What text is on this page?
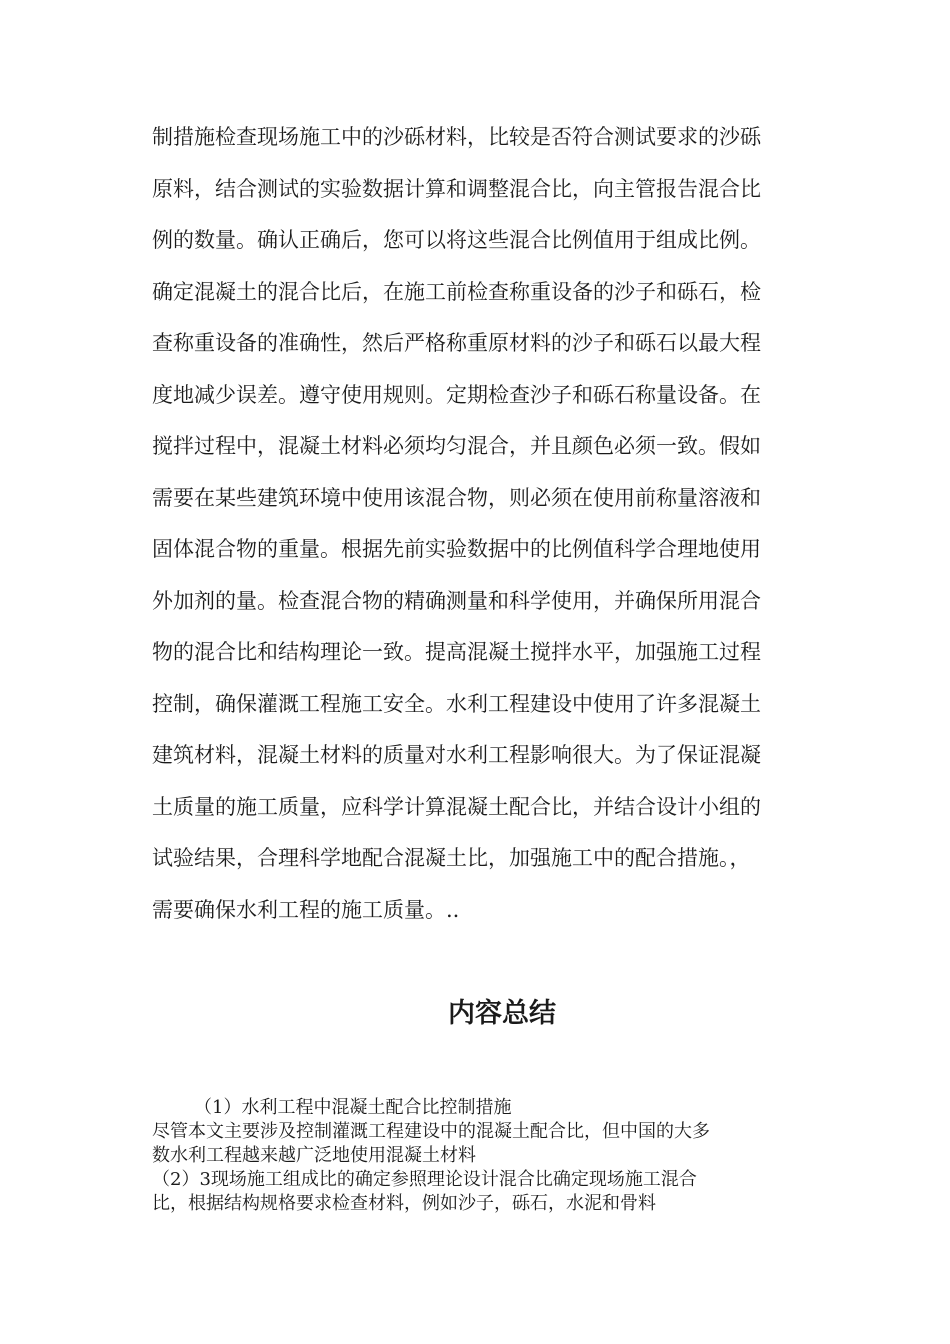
制措施检查现场施工中的沙砾材料，比较是否符合测试要求的沙砾
原料，结合测试的实验数据计算和调整混合比，向主管报告混合比
例的数量。确认正确后，您可以将这些混合比例值用于组成比例。
确定混凝土的混合比后，在施工前检查称重设备的沙子和砾石，检
查称重设备的准确性，然后严格称重原材料的沙子和砾石以最大程
度地减少误差。遵守使用规则。定期检查沙子和砾石称量设备。在
搅拌过程中，混凝土材料必须均匀混合，并且颜色必须一致。假如
需要在某些建筑环境中使用该混合物，则必须在使用前称量溶液和
固体混合物的重量。根据先前实验数据中的比例值科学合理地使用
外加剂的量。检查混合物的精确测量和科学使用，并确保所用混合
物的混合比和结构理论一致。提高混凝土搅拌水平，加强施工过程
控制，确保灌溉工程施工安全。水利工程建设中使用了许多混凝土
建筑材料，混凝土材料的质量对水利工程影响很大。为了保证混凝
土质量的施工质量，应科学计算混凝土配合比，并结合设计小组的
试验结果，合理科学地配合混凝土比，加强施工中的配合措施。，
需要确保水利工程的施工质量。..
内容总结
（1）水利工程中混凝土配合比控制措施
尽管本文主要涉及控制灌溉工程建设中的混凝土配合比，但中国的大多
数水利工程越来越广泛地使用混凝土材料
（2）3现场施工组成比的确定参照理论设计混合比确定现场施工混合
比，根据结构规格要求检查材料，例如沙子，砾石，水泥和骨料
